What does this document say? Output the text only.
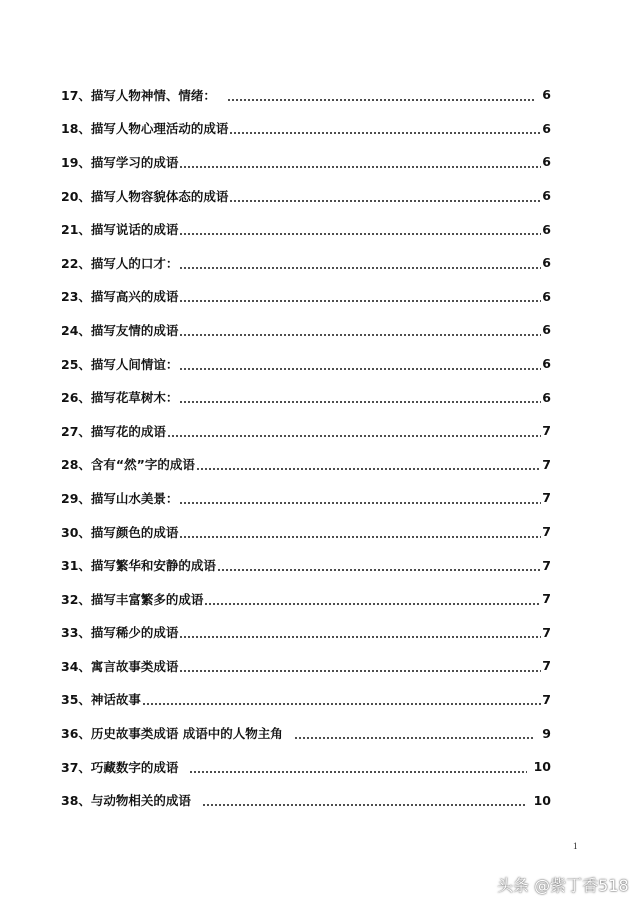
17、 描写人物神情、情绪：	6
18、 描写人物心理活动的成语	6
19、 描写学习的成语	6
20、 描写人物容貌体态的成语	6
21、 描写说话的成语	6
22、 描写人的口才：	6
23、 描写高兴的成语	6
24、 描写友情的成语	6
25、 描写人间情谊：	6
26、 描写花草树木：	6
27、 描写花的成语	7
28、 含有“然”字的成语	7
29、 描写山水美景：	7
30、 描写颜色的成语	7
31、 描写繁华和安静的成语	7
32、 描写丰富繁多的成语	7
33、 描写稀少的成语	7
34、 寓言故事类成语	7
35、 神话故事	7
36、 历史故事类成语 成语中的人物主角	9
37、 巧藏数字的成语	10
38、 与动物相关的成语	10
1
头条 @紫丁香518
